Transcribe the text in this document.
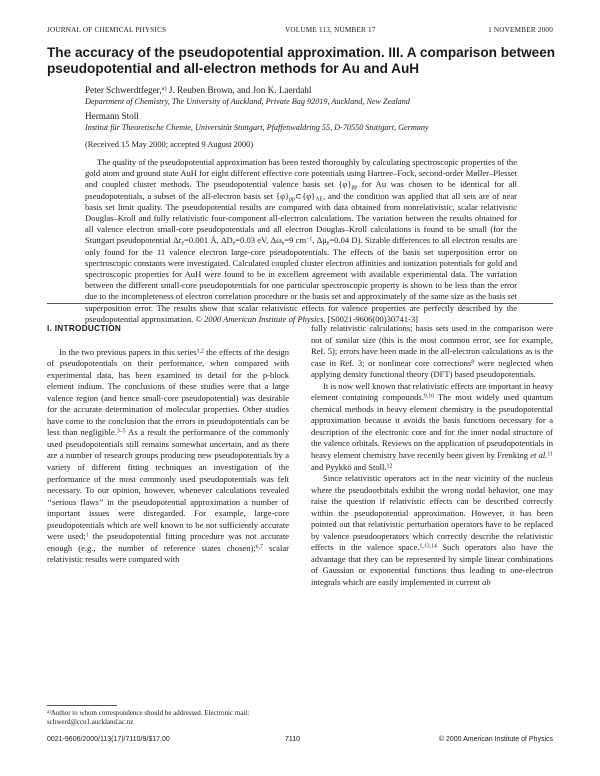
JOURNAL OF CHEMICAL PHYSICS	VOLUME 113, NUMBER 17	1 NOVEMBER 2000
The accuracy of the pseudopotential approximation. III. A comparison between pseudopotential and all-electron methods for Au and AuH
Peter Schwerdtfeger,$^{a)}$ J. Reuben Brown, and Jon K. Laerdahl
Department of Chemistry, The University of Auckland, Private Bag 92019, Auckland, New Zealand
Hermann Stoll
Institut für Theoretische Chemie, Universität Stuttgart, Pfaffenwaldring 55, D-70550 Stuttgart, Germany
(Received 15 May 2000; accepted 9 August 2000)

The quality of the pseudopotential approximation has been tested thoroughly by calculating spectroscopic properties of the gold atom and ground state AuH for eight different effective core potentials using Hartree–Fock, second-order Møller–Plesset and coupled cluster methods. The pseudopotential valence basis set $\{\varphi\}_{pp}$ for Au was chosen to be identical for all pseudopotentials, a subset of the all-electron basis set $\{\varphi\}_{pp}\subset\{\varphi\}_{AE}$, and the condition was applied that all sets are of near basis set limit quality. The pseudopotential results are compared with data obtained from nonrelativistic, scalar relativistic Douglas–Kroll and fully relativistic four-component all-electron calculations. The variation between the results obtained for all valence electron small-core pseudopotentials and all electron Douglas–Kroll calculations is found to be small (for the Stuttgart pseudopotential $\Delta r_e=0.001$ Å, $\Delta D_e=0.03$ eV, $\Delta\omega_e=9$ $cm^{-1}$, $\Delta\mu_e=0.04$ D). Sizable differences to all electron results are only found for the 11 valence electron large-core pseudopotentials. The effects of the basis set superposition error on spectroscopic constants were investigated. Calculated coupled cluster electron affinities and ionization potentials for gold and spectroscopic properties for AuH were found to be in excellent agreement with available experimental data. The variation between the different small-core pseudopotentials for one particular spectroscopic property is shown to be less than the error due to the incompleteness of electron correlation procedure or the basis set and approximately of the same size as the basis set superposition error. The results show that scalar relativistic effects for valence properties are perfectly described by the pseudopotential approximation. © 2000 American Institute of Physics. [S0021-9606(00)30741-3]

I. INTRODUCTION

In the two previous papers in this series$^{1,2}$ the effects of the design of pseudopotentials on their performance, when compared with experimental data, has been examined in detail for the p-block element indium. The conclusions of these studies were that a large valence region (and hence small-core pseudopotential) was desirable for the accurate determination of molecular properties. Other studies have come to the conclusion that the errors in pseudopotentials can be less than negligible.$^{3-5}$ As a result the performance of the commonly used pseudopotentials still remains somewhat uncertain, and as there are a number of research groups producing new pseudopotentials by a variety of different fitting techniques an investigation of the performance of the most commonly used pseudopotentials was felt necessary. To our opinion, however, whenever calculations revealed ‘‘serious flaws’’ in the pseudopotential approximation a number of important issues were disregarded. For example, large-core pseudopotentials which are well known to be not sufficiently accurate were used;$^1$ the pseudopotential fitting procedure was not accurate enough (e.g., the number of reference states chosen);$^{6,7}$ scalar relativistic results were compared with

$^{a)}$Author to whom correspondence should be addressed. Electronic mail: schwerd@ccu1.auckland.ac.nz

fully relativistic calculations; basis sets used in the comparison were not of similar size (this is the most common error, see for example, Ref. 5); errors have been made in the all-electron calculations as is the case in Ref. 3; or nonlinear core corrections$^8$ were neglected when applying density functional theory (DFT) based pseudopotentials.

It is now well known that relativistic effects are important in heavy element containing compounds.$^{9,10}$ The most widely used quantum chemical methods in heavy element chemistry is the pseudopotential approximation because it avoids the basis functions necessary for a description of the electronic core and for the inner nodal structure of the valence orbitals. Reviews on the application of pseudopotentials in heavy element chemistry have recently been given by Frenking et al.$^{11}$ and Pyykkö and Stoll.$^{12}$

Since relativistic operators act in the near vicinity of the nucleus where the pseudoorbitals exhibit the wrong nodal behavior, one may raise the question if relativistic effects can be described correctly within the pseudopotential approximation. However, it has been pointed out that relativistic perturbation operators have to be replaced by valence pseudooperators which correctly describe the relativistic effects in the valence space.$^{1,13,14}$ Such operators also have the advantage that they can be represented by simple linear combinations of Gaussian or exponential functions thus leading to one-electron integrals which are easily implemented in current ab

0021-9606/2000/113(17)/7110/9/$17.00	7110	© 2000 American Institute of Physics
